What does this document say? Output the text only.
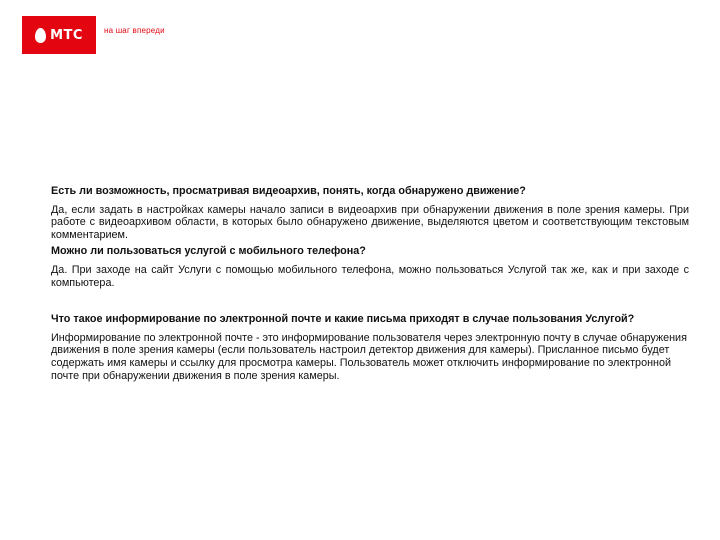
МТС	на шаг впереди

Есть ли возможность, просматривая видеоархив, понять, когда обнаружено движение?

Да, если задать в настройках камеры начало записи в видеоархив при обнаружении движения в поле зрения камеры. При работе с видеоархивом области, в которых было обнаружено движение, выделяются цветом и соответствующим текстовым комментарием.

Можно ли пользоваться услугой с мобильного телефона?

Да. При заходе на сайт Услуги с помощью мобильного телефона, можно пользоваться Услугой так же, как и при заходе с компьютера.

Что такое информирование по электронной почте и какие письма приходят в случае пользования Услугой?

Информирование по электронной почте - это информирование пользователя через электронную почту в случае обнаружения движения в поле зрения камеры (если пользователь настроил детектор движения для камеры). Присланное письмо будет содержать имя камеры и ссылку для просмотра камеры. Пользователь может отключить информирование по электронной почте при обнаружении движения в поле зрения камеры.
